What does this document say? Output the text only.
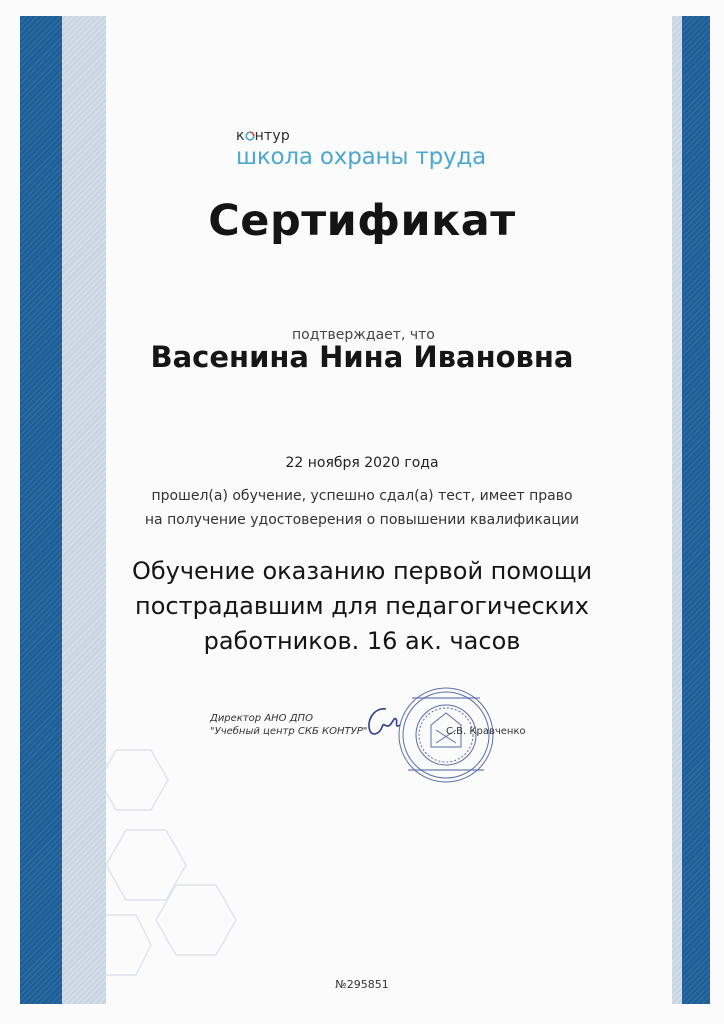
к нтур
школа охраны труда
Сертификат
подтверждает, что
Васенина Нина Ивановна
22 ноября 2020 года
прошел(а) обучение, успешно сдал(а) тест, имеет право
на получение удостоверения о повышении квалификации
Обучение оказанию первой помощи
пострадавшим для педагогических
работников. 16 ак. часов
Директор АНО ДПО
"Учебный центр СКБ КОНТУР"	С.В. Кравченко
№295851
